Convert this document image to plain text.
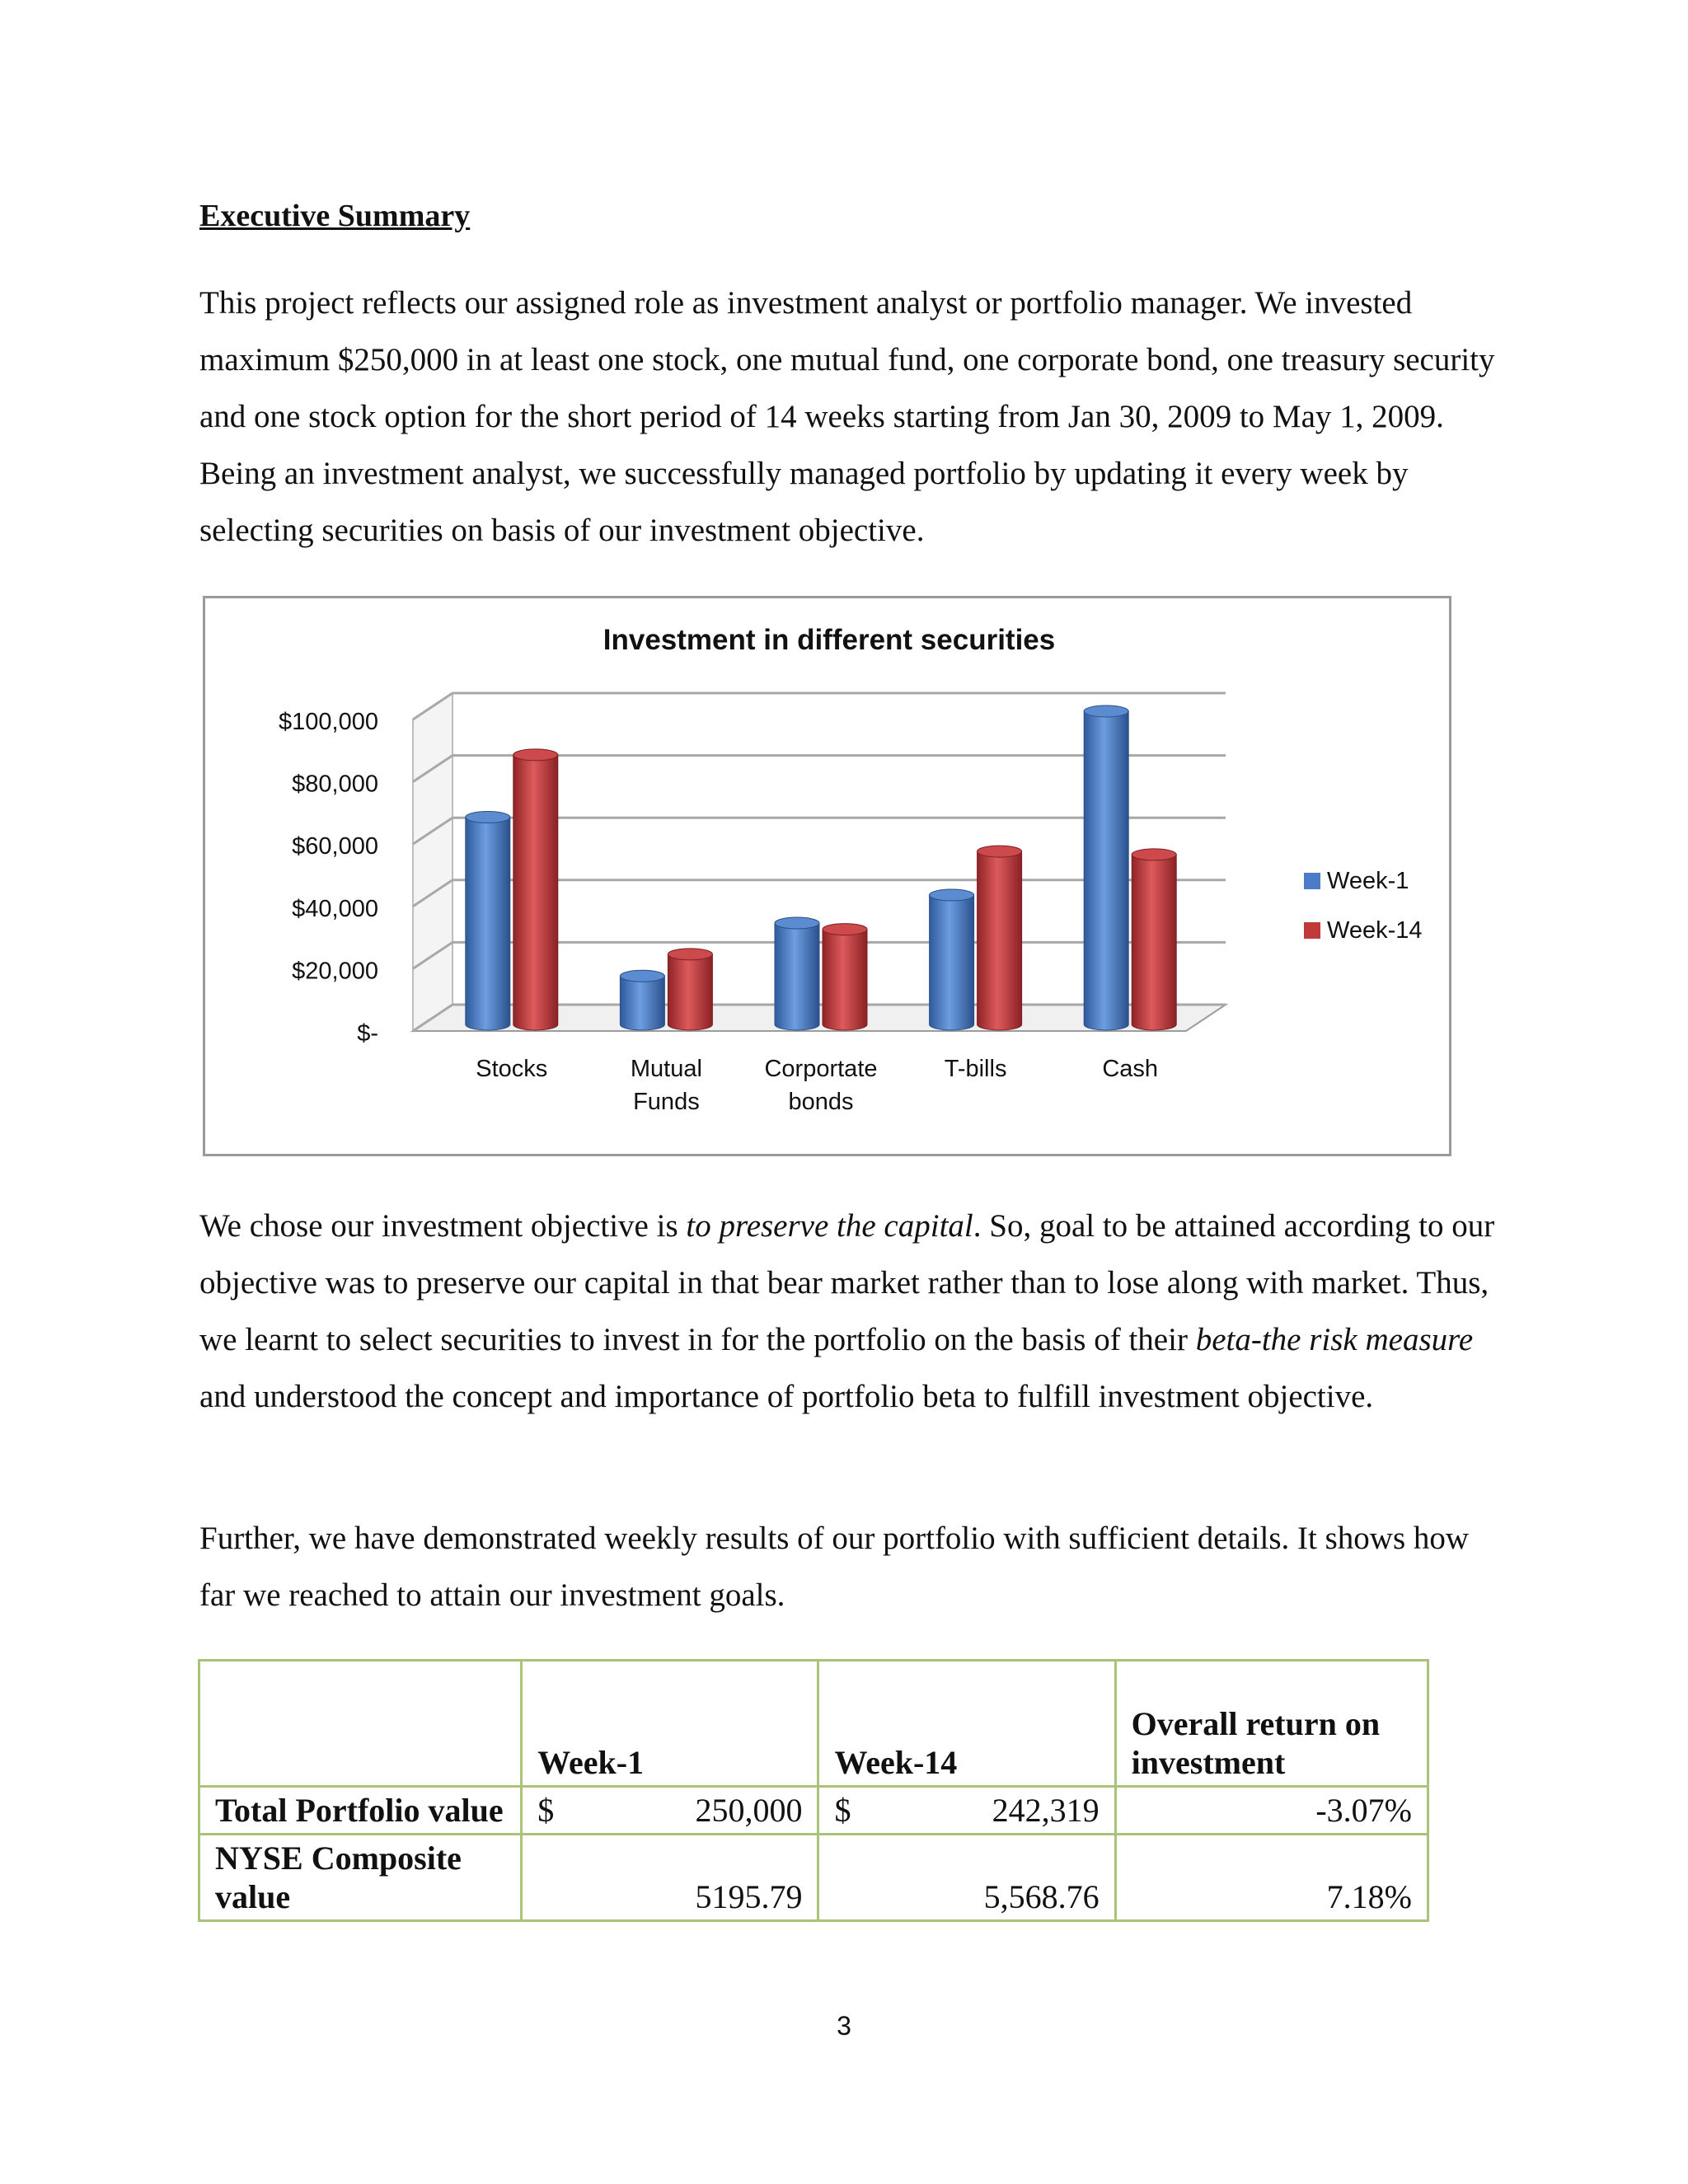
Executive Summary

This project reflects our assigned role as investment analyst or portfolio manager. We invested maximum $250,000 in at least one stock, one mutual fund, one corporate bond, one treasury security and one stock option for the short period of 14 weeks starting from Jan 30, 2009 to May 1, 2009. Being an investment analyst, we successfully managed portfolio by updating it every week by selecting securities on basis of our investment objective.

Investment in different securities
$-
$20,000
$40,000
$60,000
$80,000
$100,000
Stocks	Mutual
Funds
Corportate
bonds
T-bills	Cash
Week-1
Week-14

We chose our investment objective is to preserve the capital. So, goal to be attained according to our objective was to preserve our capital in that bear market rather than to lose along with market. Thus, we learnt to select securities to invest in for the portfolio on the basis of their beta-the risk measure and understood the concept and importance of portfolio beta to fulfill investment objective.

Further, we have demonstrated weekly results of our portfolio with sufficient details. It shows how far we reached to attain our investment goals.

	Week-1	Week-14	Overall return on investment
Total Portfolio value	$ 250,000	$ 242,319	-3.07%
NYSE Composite value	5195.79	5,568.76	7.18%
3
